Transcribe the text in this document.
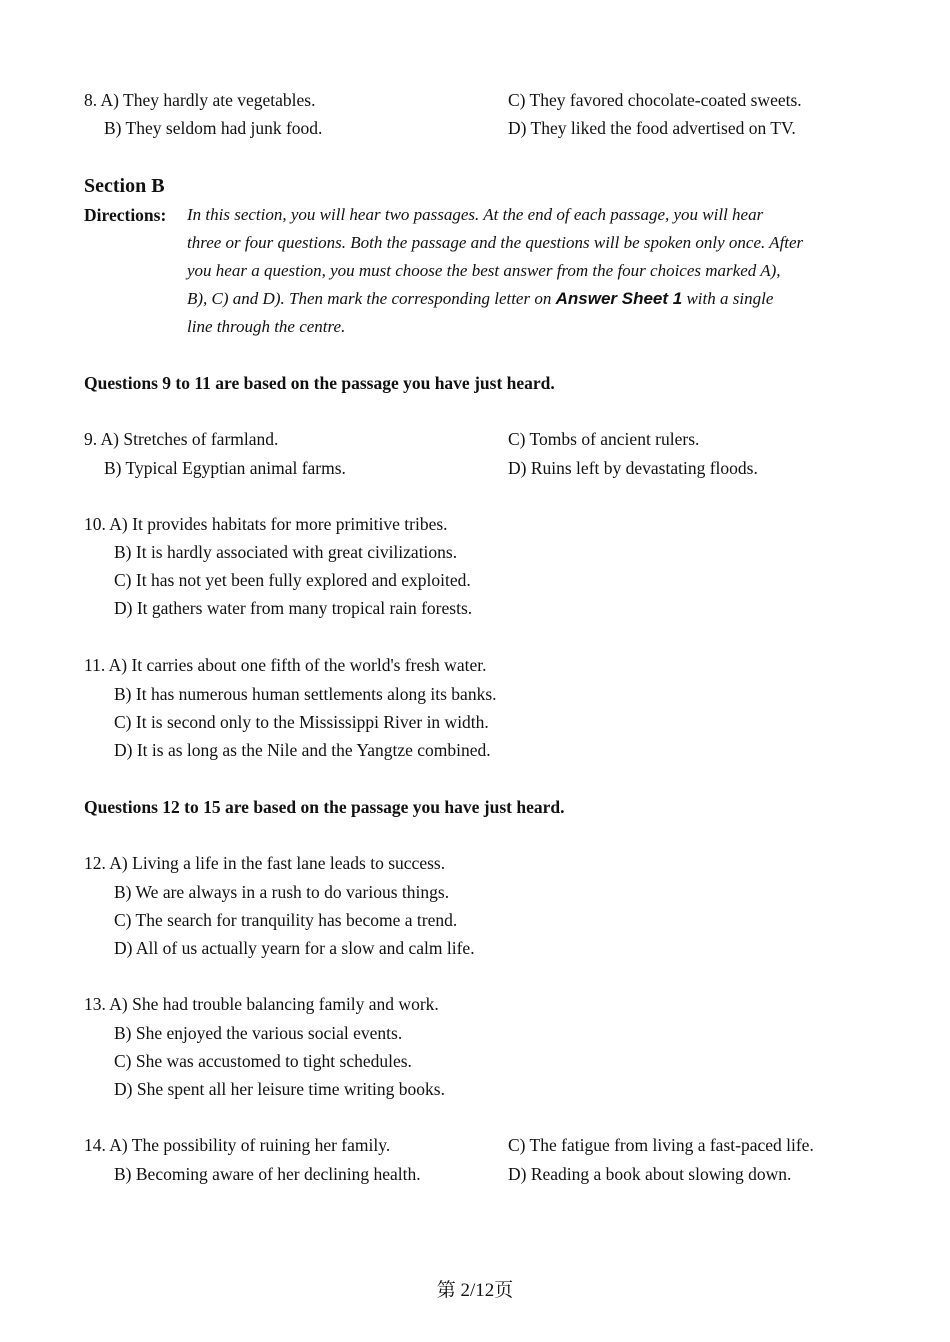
8. A) They hardly ate vegetables.	C) They favored chocolate-coated sweets.
B) They seldom had junk food.	D) They liked the food advertised on TV.
Section B
Directions: In this section, you will hear two passages. At the end of each passage, you will hear
three or four questions. Both the passage and the questions will be spoken only once. After
you hear a question, you must choose the best answer from the four choices marked A),
B), C) and D). Then mark the corresponding letter on Answer Sheet 1 with a single
line through the centre.
Questions 9 to 11 are based on the passage you have just heard.
9. A) Stretches of farmland.	C) Tombs of ancient rulers.
B) Typical Egyptian animal farms.	D) Ruins left by devastating floods.
10. A) It provides habitats for more primitive tribes.
B) It is hardly associated with great civilizations.
C) It has not yet been fully explored and exploited.
D) It gathers water from many tropical rain forests.
11. A) It carries about one fifth of the world's fresh water.
B) It has numerous human settlements along its banks.
C) It is second only to the Mississippi River in width.
D) It is as long as the Nile and the Yangtze combined.
Questions 12 to 15 are based on the passage you have just heard.
12. A) Living a life in the fast lane leads to success.
B) We are always in a rush to do various things.
C) The search for tranquility has become a trend.
D) All of us actually yearn for a slow and calm life.
13. A) She had trouble balancing family and work.
B) She enjoyed the various social events.
C) She was accustomed to tight schedules.
D) She spent all her leisure time writing books.
14. A) The possibility of ruining her family.	C) The fatigue from living a fast-paced life.
B) Becoming aware of her declining health.	D) Reading a book about slowing down.
第 2/12页
